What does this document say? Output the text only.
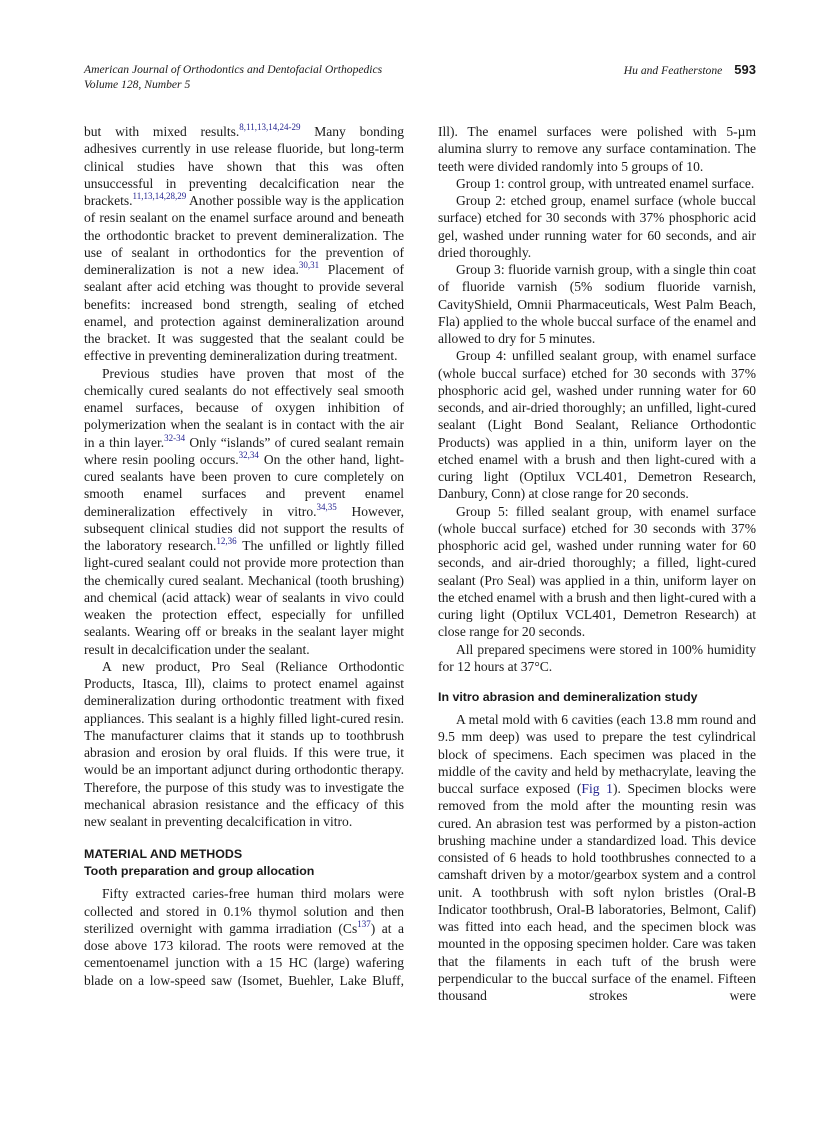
American Journal of Orthodontics and Dentofacial Orthopedics
Volume 128, Number 5
Hu and Featherstone 593

but with mixed results.$^{8,11,13,14,24-29}$ Many bonding adhesives currently in use release fluoride, but long-term clinical studies have shown that this was often unsuccessful in preventing decalcification near the brackets.$^{11,13,14,28,29}$ Another possible way is the application of resin sealant on the enamel surface around and beneath the orthodontic bracket to prevent demineralization. The use of sealant in orthodontics for the prevention of demineralization is not a new idea.$^{30,31}$ Placement of sealant after acid etching was thought to provide several benefits: increased bond strength, sealing of etched enamel, and protection against demineralization around the bracket. It was suggested that the sealant could be effective in preventing demineralization during treatment.

Previous studies have proven that most of the chemically cured sealants do not effectively seal smooth enamel surfaces, because of oxygen inhibition of polymerization when the sealant is in contact with the air in a thin layer.$^{32-34}$ Only “islands” of cured sealant remain where resin pooling occurs.$^{32,34}$ On the other hand, light-cured sealants have been proven to cure completely on smooth enamel surfaces and prevent enamel demineralization effectively in vitro.$^{34,35}$ However, subsequent clinical studies did not support the results of the laboratory research.$^{12,36}$ The unfilled or lightly filled light-cured sealant could not provide more protection than the chemically cured sealant. Mechanical (tooth brushing) and chemical (acid attack) wear of sealants in vivo could weaken the protection effect, especially for unfilled sealants. Wearing off or breaks in the sealant layer might result in decalcification under the sealant.

A new product, Pro Seal (Reliance Orthodontic Products, Itasca, Ill), claims to protect enamel against demineralization during orthodontic treatment with fixed appliances. This sealant is a highly filled light-cured resin. The manufacturer claims that it stands up to toothbrush abrasion and erosion by oral fluids. If this were true, it would be an important adjunct during orthodontic therapy. Therefore, the purpose of this study was to investigate the mechanical abrasion resistance and the efficacy of this new sealant in preventing decalcification in vitro.

MATERIAL AND METHODS
Tooth preparation and group allocation

Fifty extracted caries-free human third molars were collected and stored in 0.1% thymol solution and then sterilized overnight with gamma irradiation (Cs$^{137}$) at a dose above 173 kilorad. The roots were removed at the cementoenamel junction with a 15 HC (large) wafering blade on a low-speed saw (Isomet, Buehler, Lake Bluff,

Ill). The enamel surfaces were polished with 5-µm alumina slurry to remove any surface contamination. The teeth were divided randomly into 5 groups of 10.

Group 1: control group, with untreated enamel surface.

Group 2: etched group, enamel surface (whole buccal surface) etched for 30 seconds with 37% phosphoric acid gel, washed under running water for 60 seconds, and air dried thoroughly.

Group 3: fluoride varnish group, with a single thin coat of fluoride varnish (5% sodium fluoride varnish, CavityShield, Omnii Pharmaceuticals, West Palm Beach, Fla) applied to the whole buccal surface of the enamel and allowed to dry for 5 minutes.

Group 4: unfilled sealant group, with enamel surface (whole buccal surface) etched for 30 seconds with 37% phosphoric acid gel, washed under running water for 60 seconds, and air-dried thoroughly; an unfilled, light-cured sealant (Light Bond Sealant, Reliance Orthodontic Products) was applied in a thin, uniform layer on the etched enamel with a brush and then light-cured with a curing light (Optilux VCL401, Demetron Research, Danbury, Conn) at close range for 20 seconds.

Group 5: filled sealant group, with enamel surface (whole buccal surface) etched for 30 seconds with 37% phosphoric acid gel, washed under running water for 60 seconds, and air-dried thoroughly; a filled, light-cured sealant (Pro Seal) was applied in a thin, uniform layer on the etched enamel with a brush and then light-cured with a curing light (Optilux VCL401, Demetron Research) at close range for 20 seconds.

All prepared specimens were stored in 100% humidity for 12 hours at 37°C.

In vitro abrasion and demineralization study

A metal mold with 6 cavities (each 13.8 mm round and 9.5 mm deep) was used to prepare the test cylindrical block of specimens. Each specimen was placed in the middle of the cavity and held by methacrylate, leaving the buccal surface exposed (Fig 1). Specimen blocks were removed from the mold after the mounting resin was cured. An abrasion test was performed by a piston-action brushing machine under a standardized load. This device consisted of 6 heads to hold toothbrushes connected to a camshaft driven by a motor/gearbox system and a control unit. A toothbrush with soft nylon bristles (Oral-B Indicator toothbrush, Oral-B laboratories, Belmont, Calif) was fitted into each head, and the specimen block was mounted in the opposing specimen holder. Care was taken that the filaments in each tuft of the brush were perpendicular to the buccal surface of the enamel. Fifteen thousand strokes were
